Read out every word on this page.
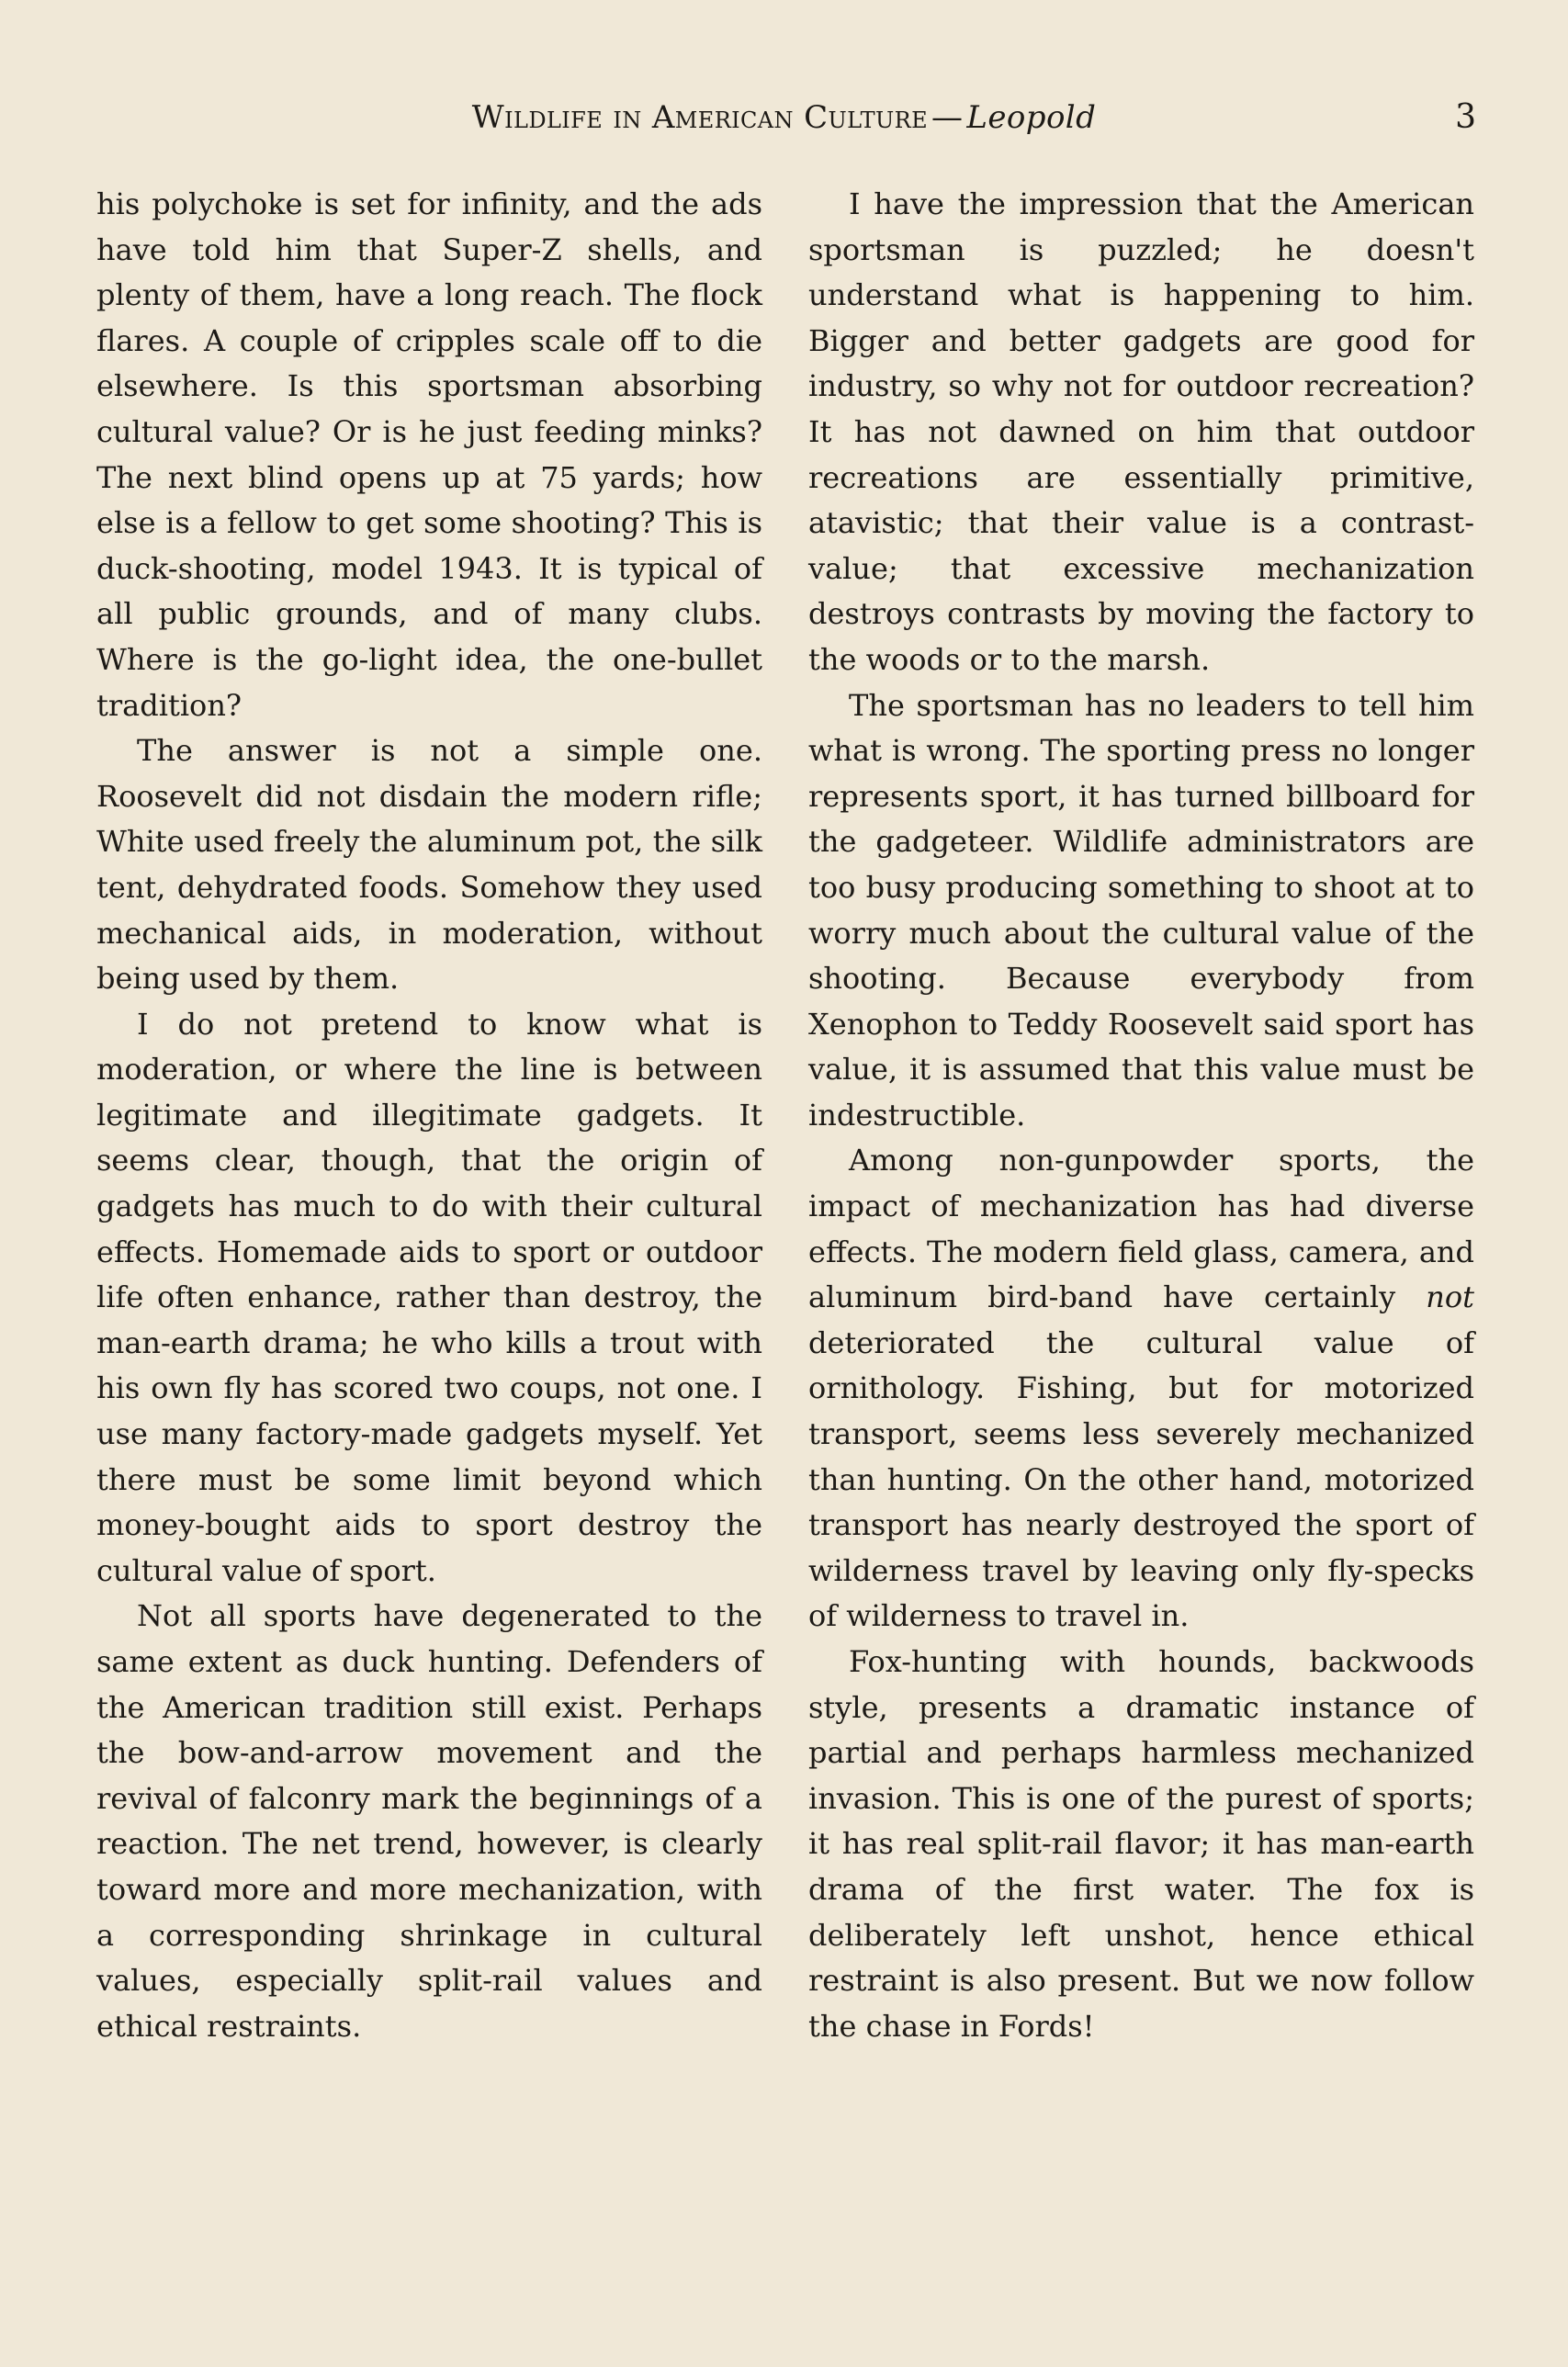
Wildlife in American Culture — Leopold	3

his polychoke is set for infinity, and the ads have told him that Super-Z shells, and plenty of them, have a long reach. The flock flares. A couple of cripples scale off to die elsewhere. Is this sportsman absorbing cultural value? Or is he just feeding minks? The next blind opens up at 75 yards; how else is a fellow to get some shooting? This is duck-shooting, model 1943. It is typical of all public grounds, and of many clubs. Where is the go-light idea, the one-bullet tradition?

The answer is not a simple one. Roosevelt did not disdain the modern rifle; White used freely the aluminum pot, the silk tent, dehydrated foods. Somehow they used mechanical aids, in moderation, without being used by them.

I do not pretend to know what is moderation, or where the line is between legitimate and illegitimate gadgets. It seems clear, though, that the origin of gadgets has much to do with their cultural effects. Homemade aids to sport or outdoor life often enhance, rather than destroy, the man-earth drama; he who kills a trout with his own fly has scored two coups, not one. I use many factory-made gadgets myself. Yet there must be some limit beyond which money-bought aids to sport destroy the cultural value of sport.

Not all sports have degenerated to the same extent as duck hunting. Defenders of the American tradition still exist. Perhaps the bow-and-arrow movement and the revival of falconry mark the beginnings of a reaction. The net trend, however, is clearly toward more and more mechanization, with a corresponding shrinkage in cultural values, especially split-rail values and ethical restraints.

I have the impression that the American sportsman is puzzled; he doesn't understand what is happening to him. Bigger and better gadgets are good for industry, so why not for outdoor recreation? It has not dawned on him that outdoor recreations are essentially primitive, atavistic; that their value is a contrast-value; that excessive mechanization destroys contrasts by moving the factory to the woods or to the marsh.

The sportsman has no leaders to tell him what is wrong. The sporting press no longer represents sport, it has turned billboard for the gadgeteer. Wildlife administrators are too busy producing something to shoot at to worry much about the cultural value of the shooting. Because everybody from Xenophon to Teddy Roosevelt said sport has value, it is assumed that this value must be indestructible.

Among non-gunpowder sports, the impact of mechanization has had diverse effects. The modern field glass, camera, and aluminum bird-band have certainly not deteriorated the cultural value of ornithology. Fishing, but for motorized transport, seems less severely mechanized than hunting. On the other hand, motorized transport has nearly destroyed the sport of wilderness travel by leaving only fly-specks of wilderness to travel in.

Fox-hunting with hounds, backwoods style, presents a dramatic instance of partial and perhaps harmless mechanized invasion. This is one of the purest of sports; it has real split-rail flavor; it has man-earth drama of the first water. The fox is deliberately left unshot, hence ethical restraint is also present. But we now follow the chase in Fords!
